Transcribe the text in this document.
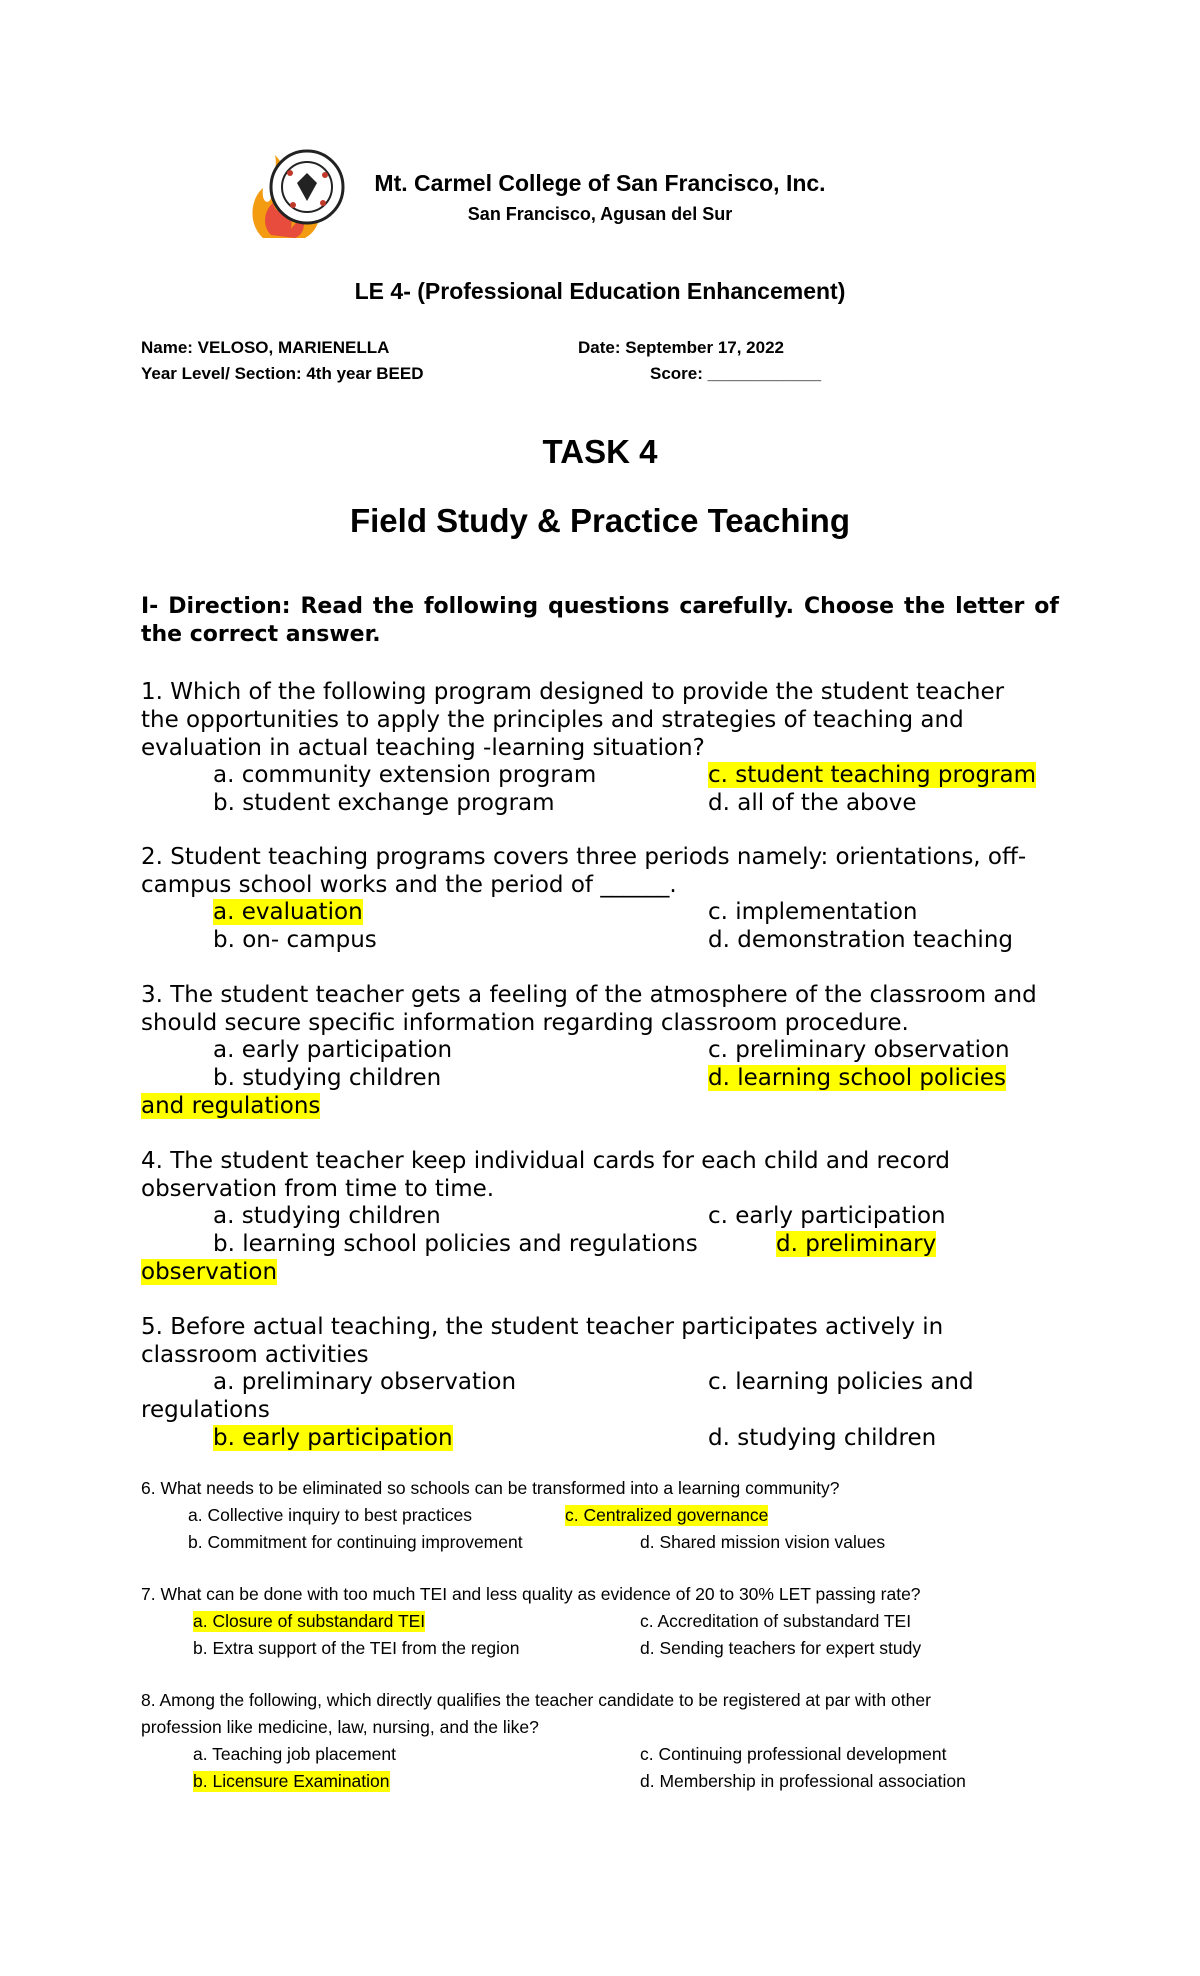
Mt. Carmel College of San Francisco, Inc.
San Francisco, Agusan del Sur
LE 4- (Professional Education Enhancement)
Name: VELOSO, MARIENELLA	Date: September 17, 2022
Year Level/ Section: 4th year BEED	Score: ____________
TASK 4
Field Study & Practice Teaching
I- Direction: Read the following questions carefully. Choose the letter of the correct answer.
1. Which of the following program designed to provide the student teacher
the opportunities to apply the principles and strategies of teaching and
evaluation in actual teaching -learning situation?
a. community extension program	c. student teaching program
b. student exchange program	d. all of the above
2. Student teaching programs covers three periods namely: orientations, off-
campus school works and the period of ______.
a. evaluation	c. implementation
b. on- campus	d. demonstration teaching
3. The student teacher gets a feeling of the atmosphere of the classroom and
should secure specific information regarding classroom procedure.
a. early participation	c. preliminary observation
b. studying children	d. learning school policies
and regulations
4. The student teacher keep individual cards for each child and record
observation from time to time.
a. studying children	c. early participation
b. learning school policies and regulations	d. preliminary
observation
5. Before actual teaching, the student teacher participates actively in
classroom activities
a. preliminary observation	c. learning policies and
regulations
b. early participation	d. studying children
6. What needs to be eliminated so schools can be transformed into a learning community?
a. Collective inquiry to best practices	c. Centralized governance
b. Commitment for continuing improvement	d. Shared mission vision values
7. What can be done with too much TEI and less quality as evidence of 20 to 30% LET passing rate?
a. Closure of substandard TEI	c. Accreditation of substandard TEI
b. Extra support of the TEI from the region	d. Sending teachers for expert study
8. Among the following, which directly qualifies the teacher candidate to be registered at par with other
profession like medicine, law, nursing, and the like?
a. Teaching job placement	c. Continuing professional development
b. Licensure Examination	d. Membership in professional association
